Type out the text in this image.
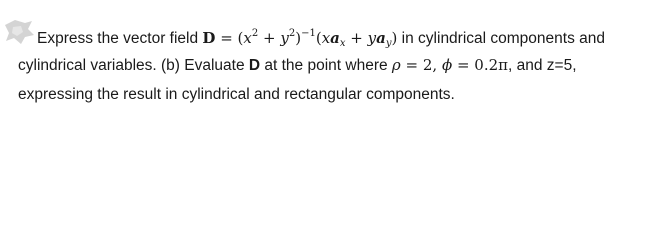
Express the vector field $D = (x^2 + y^2)^{-1}(xa_x + ya_y)$ in cylindrical components and
cylindrical variables. (b) Evaluate D at the point where ρ = 2, ϕ = 0.2π, and z=5,
expressing the result in cylindrical and rectangular components.
